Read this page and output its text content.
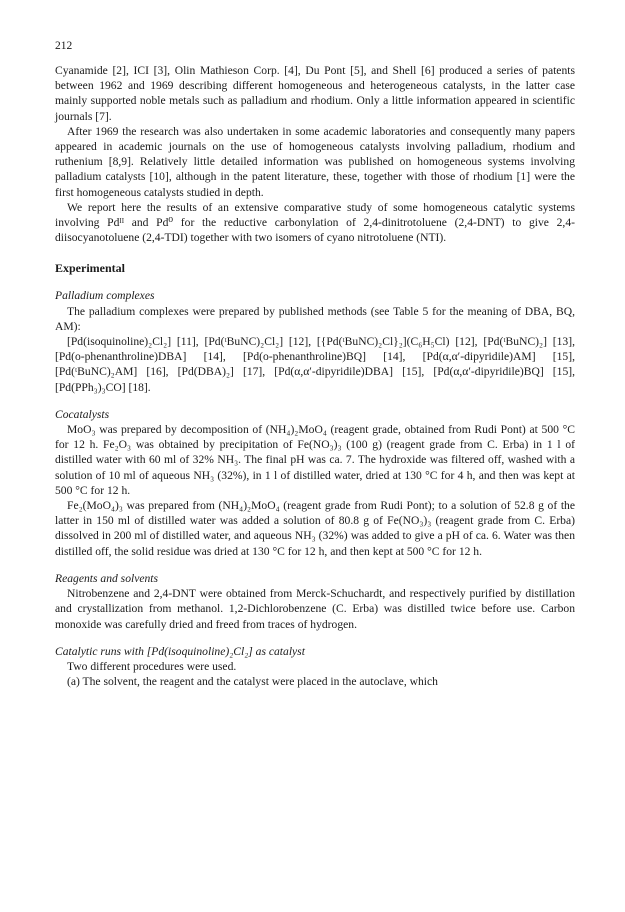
212

Cyanamide [2], ICI [3], Olin Mathieson Corp. [4], Du Pont [5], and Shell [6] produced a series of patents between 1962 and 1969 describing different homogeneous and heterogeneous catalysts, in the latter case mainly supported noble metals such as palladium and rhodium. Only a little information appeared in scientific journals [7].

After 1969 the research was also undertaken in some academic laboratories and consequently many papers appeared in academic journals on the use of homogeneous catalysts involving palladium, rhodium and ruthenium [8,9]. Relatively little detailed information was published on homogeneous systems involving palladium catalysts [10], although in the patent literature, these, together with those of rhodium [1] were the first homogeneous catalysts studied in depth.

We report here the results of an extensive comparative study of some homogeneous catalytic systems involving Pdᴵᴵ and Pd⁰ for the reductive carbonylation of 2,4-dinitrotoluene (2,4-DNT) to give 2,4-diisocyanotoluene (2,4-TDI) together with two isomers of cyano nitrotoluene (NTI).

Experimental
Palladium complexes

The palladium complexes were prepared by published methods (see Table 5 for the meaning of DBA, BQ, AM):

[Pd(isoquinoline)₂Cl₂] [11], [Pd(ᵗBuNC)₂Cl₂] [12], [{Pd(ᵗBuNC)₂Cl}₂](C₆H₅Cl) [12], [Pd(ᵗBuNC)₂] [13], [Pd(o-phenanthroline)DBA] [14], [Pd(o-phenanthroline)BQ] [14], [Pd(α,α′-dipyridile)AM] [15], [Pd(ᵗBuNC)₂AM] [16], [Pd(DBA)₂] [17], [Pd(α,α′-dipyridile)DBA] [15], [Pd(α,α′-dipyridile)BQ] [15], [Pd(PPh₃)₃CO] [18].

Cocatalysts

MoO₃ was prepared by decomposition of (NH₄)₂MoO₄ (reagent grade, obtained from Rudi Pont) at 500 °C for 12 h. Fe₂O₃ was obtained by precipitation of Fe(NO₃)₃ (100 g) (reagent grade from C. Erba) in 1 l of distilled water with 60 ml of 32% NH₃. The final pH was ca. 7. The hydroxide was filtered off, washed with a solution of 10 ml of aqueous NH₃ (32%), in 1 l of distilled water, dried at 130 °C for 4 h, and then was kept at 500 °C for 12 h.

Fe₂(MoO₄)₃ was prepared from (NH₄)₂MoO₄ (reagent grade from Rudi Pont); to a solution of 52.8 g of the latter in 150 ml of distilled water was added a solution of 80.8 g of Fe(NO₃)₃ (reagent grade from C. Erba) dissolved in 200 ml of distilled water, and aqueous NH₃ (32%) was added to give a pH of ca. 6. Water was then distilled off, the solid residue was dried at 130 °C for 12 h, and then kept at 500 °C for 12 h.

Reagents and solvents

Nitrobenzene and 2,4-DNT were obtained from Merck-Schuchardt, and respectively purified by distillation and crystallization from methanol. 1,2-Dichlorobenzene (C. Erba) was distilled twice before use. Carbon monoxide was carefully dried and freed from traces of hydrogen.

Catalytic runs with [Pd(isoquinoline)₂Cl₂] as catalyst

Two different procedures were used.

(a) The solvent, the reagent and the catalyst were placed in the autoclave, which
